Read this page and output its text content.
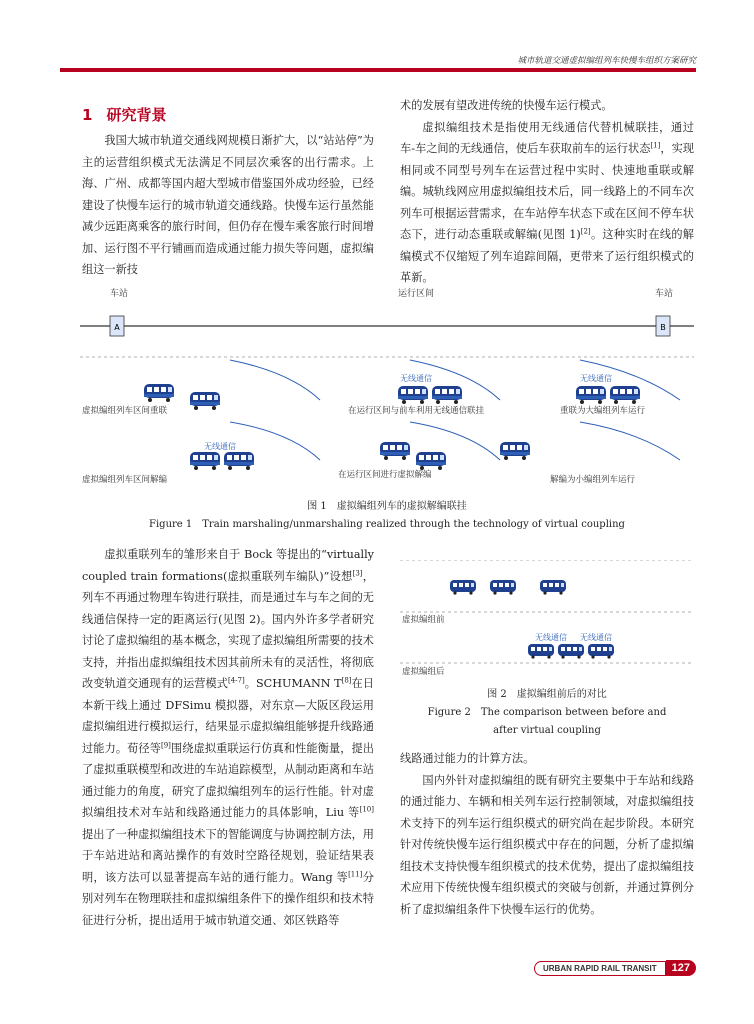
城市轨道交通虚拟编组列车快慢车组织方案研究
1 研究背景

我国大城市轨道交通线网规模日渐扩大，以“站站停”为主的运营组织模式无法满足不同层次乘客的出行需求。上海、广州、成都等国内超大型城市借鉴国外成功经验，已经建设了快慢车运行的城市轨道交通线路。快慢车运行虽然能减少远距离乘客的旅行时间，但仍存在慢车乘客旅行时间增加、运行图不平行铺画而造成通过能力损失等问题，虚拟编组这一新技

虚拟重联列车的雏形来自于 Bock 等提出的“virtually coupled train formations(虚拟重联列车编队)”设想[3]，列车不再通过物理车钩进行联挂，而是通过车与车之间的无线通信保持一定的距离运行(见图 2)。国内外许多学者研究讨论了虚拟编组的基本概念，实现了虚拟编组所需要的技术支持，并指出虚拟编组技术因其前所未有的灵活性，将彻底改变轨道交通现有的运营模式[4-7]。SCHUMANN T[8]在日本新干线上通过 DFSimu 模拟器，对东京—大阪区段运用虚拟编组进行模拟运行，结果显示虚拟编组能够提升线路通过能力。荀径等[9]围绕虚拟重联运行仿真和性能衡量，提出了虚拟重联模型和改进的车站追踪模型，从制动距离和车站通过能力的角度，研究了虚拟编组列车的运行性能。针对虚拟编组技术对车站和线路通过能力的具体影响，Liu 等[10]提出了一种虚拟编组技术下的智能调度与协调控制方法，用于车站进站和离站操作的有效时空路径规划，验证结果表明，该方法可以显著提高车站的通行能力。Wang 等[11]分别对列车在物理联挂和虚拟编组条件下的操作组织和技术特征进行分析，提出适用于城市轨道交通、郊区铁路等

术的发展有望改进传统的快慢车运行模式。

虚拟编组技术是指使用无线通信代替机械联挂，通过车-车之间的无线通信，使后车获取前车的运行状态[1]，实现相同或不同型号列车在运营过程中实时、快速地重联或解编。城轨线网应用虚拟编组技术后，同一线路上的不同车次列车可根据运营需求，在车站停车状态下或在区间不停车状态下，进行动态重联或解编(见图 1)[2]。这种实时在线的解编模式不仅缩短了列车追踪间隔，更带来了运行组织模式的革新。

线路通过能力的计算方法。

国内外针对虚拟编组的既有研究主要集中于车站和线路的通过能力、车辆和相关列车运行控制领域，对虚拟编组技术支持下的列车运行组织模式的研究尚在起步阶段。本研究针对传统快慢车运行组织模式中存在的问题，分析了虚拟编组技术支持快慢车组织模式的技术优势，提出了虚拟编组技术应用下传统快慢车组织模式的突破与创新，并通过算例分析了虚拟编组条件下快慢车运行的优势。

车站	运行区间	车站
A	B
无线通信	无线通信
虚拟编组列车区间重联	在运行区间与前车利用无线通信联挂	重联为大编组列车运行
无线通信
虚拟编组列车区间解编	在运行区间进行虚拟解编	解编为小编组列车运行
图 1　虚拟编组列车的虚拟解编联挂
Figure 1　Train marshaling/unmarshaling realized through the technology of virtual coupling
虚拟编组前
无线通信 无线通信
虚拟编组后
图 2　虚拟编组前后的对比
Figure 2　The comparison between before and
after virtual coupling
URBAN RAPID RAIL TRANSIT	127
